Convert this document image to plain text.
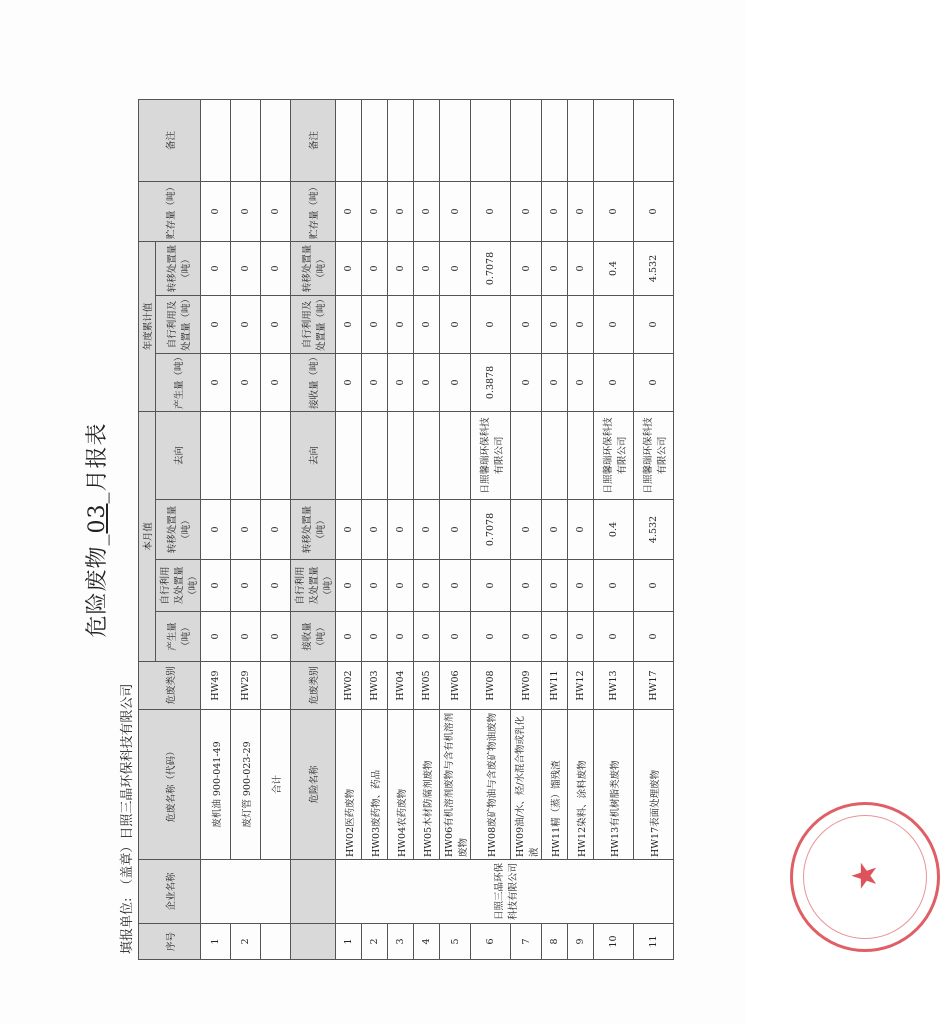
危险废物_03_月报表
填报单位:（盖章）日照三晶环保科技有限公司
序号	企业名称	危废名称（代码）	危废类别	本月值				年度累计值			贮存量（吨）	备注
				产生量（吨）	自行利用及处置量（吨）	转移处置量（吨）	去向	产生量（吨）	自行利用及处置量（吨）	转移处置量（吨）		
1		废机油 900-041-49	HW49	0	0	0		0	0	0	0	
2		废灯管 900-023-29	HW29	0	0	0		0	0	0	0	
		合计		0	0	0		0	0	0	0	
		危险名称	危废类别	接收量（吨）	自行利用及处置量（吨）	转移处置量（吨）	去向	接收量（吨）	自行利用及处置量（吨）	转移处置量（吨）	贮存量（吨）	备注
1	日照三晶环保科技有限公司	HW02医药废物	HW02	0	0	0		0	0	0	0	
2		HW03废药物、药品	HW03	0	0	0		0	0	0	0	
3		HW04农药废物	HW04	0	0	0		0	0	0	0	
4		HW05木材防腐剂废物	HW05	0	0	0		0	0	0	0	
5		HW06有机溶剂废物与含有机溶剂废物	HW06	0	0	0		0	0	0	0	
6		HW08废矿物油与含废矿物油废物	HW08	0	0	0.7078	日照馨瑞环保科技有限公司	0.3878	0	0.7078	0	
7		HW09油/水、烃/水混合物或乳化液	HW09	0	0	0		0	0	0	0	
8		HW11精（蒸）馏残渣	HW11	0	0	0		0	0	0	0	
9		HW12染料、涂料废物	HW12	0	0	0		0	0	0	0	
10		HW13有机树脂类废物	HW13	0	0	0.4	日照馨瑞环保科技有限公司	0	0	0.4	0	
11		HW17表面处理废物	HW17	0	0	4.532	日照馨瑞环保科技有限公司	0	0	4.532	0	
★
